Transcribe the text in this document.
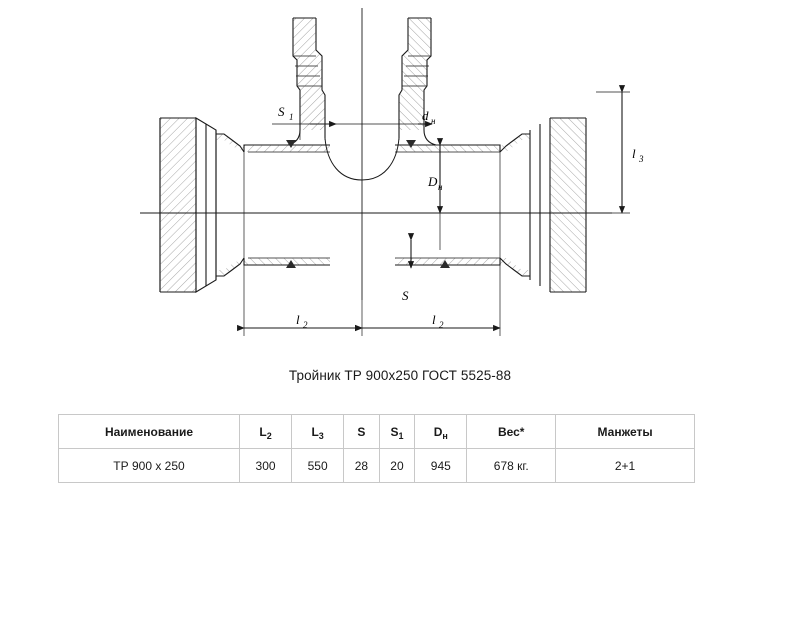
S 1	d н
l 3
D н
S
l 2	l 2
Тройник ТР 900х250 ГОСТ 5525-88
Наименование	$L_2$	$L_3$	S	$S_1$	$D_н$	Вес*	Манжеты
ТР 900 х 250	300	550	28	20	945	678 кг.	2+1
